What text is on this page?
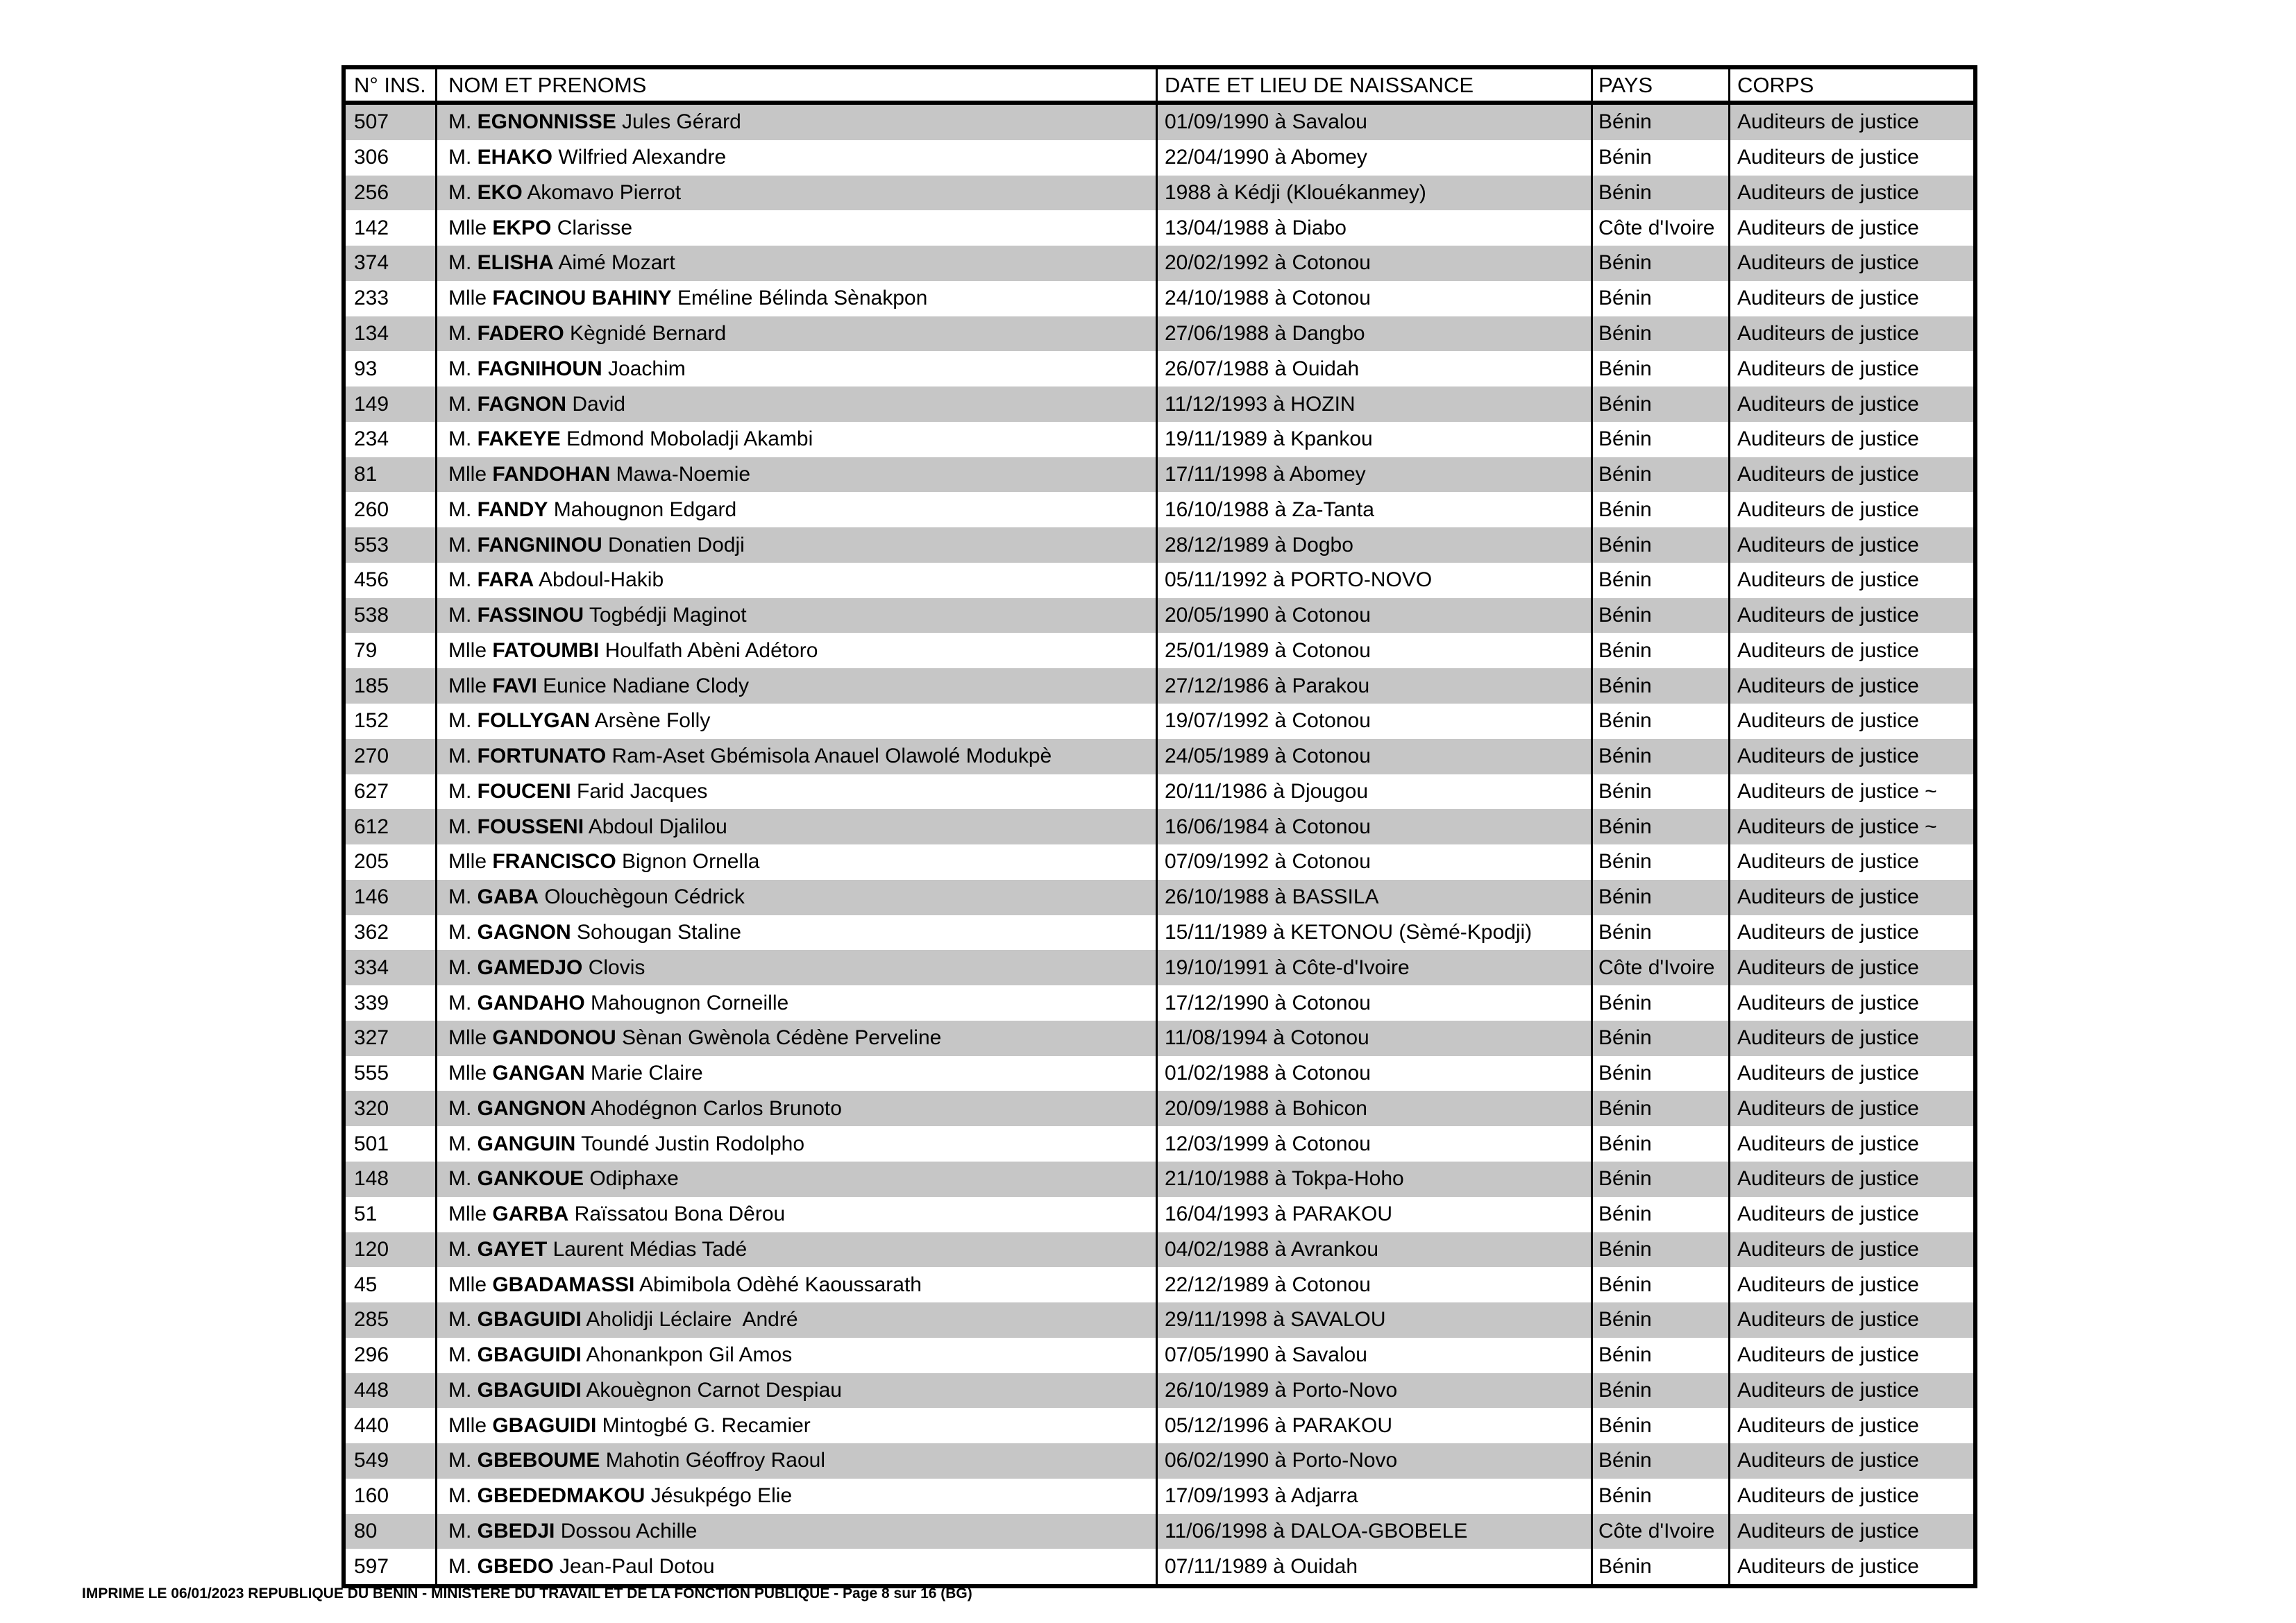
N° INS.	NOM ET PRENOMS	DATE ET LIEU DE NAISSANCE	PAYS	CORPS
507	M. EGNONNISSE Jules Gérard	01/09/1990 à Savalou	Bénin	Auditeurs de justice
306	M. EHAKO Wilfried Alexandre	22/04/1990 à Abomey	Bénin	Auditeurs de justice
256	M. EKO Akomavo Pierrot	1988 à Kédji (Klouékanmey)	Bénin	Auditeurs de justice
142	Mlle EKPO Clarisse	13/04/1988 à Diabo	Côte d'Ivoire	Auditeurs de justice
374	M. ELISHA Aimé Mozart	20/02/1992 à Cotonou	Bénin	Auditeurs de justice
233	Mlle FACINOU BAHINY Eméline Bélinda Sènakpon	24/10/1988 à Cotonou	Bénin	Auditeurs de justice
134	M. FADERO Kègnidé Bernard	27/06/1988 à Dangbo	Bénin	Auditeurs de justice
93	M. FAGNIHOUN Joachim	26/07/1988 à Ouidah	Bénin	Auditeurs de justice
149	M. FAGNON David	11/12/1993 à HOZIN	Bénin	Auditeurs de justice
234	M. FAKEYE Edmond Moboladji Akambi	19/11/1989 à Kpankou	Bénin	Auditeurs de justice
81	Mlle FANDOHAN Mawa-Noemie	17/11/1998 à Abomey	Bénin	Auditeurs de justice
260	M. FANDY Mahougnon Edgard	16/10/1988 à Za-Tanta	Bénin	Auditeurs de justice
553	M. FANGNINOU Donatien Dodji	28/12/1989 à Dogbo	Bénin	Auditeurs de justice
456	M. FARA Abdoul-Hakib	05/11/1992 à PORTO-NOVO	Bénin	Auditeurs de justice
538	M. FASSINOU Togbédji Maginot	20/05/1990 à Cotonou	Bénin	Auditeurs de justice
79	Mlle FATOUMBI Houlfath Abèni Adétoro	25/01/1989 à Cotonou	Bénin	Auditeurs de justice
185	Mlle FAVI Eunice Nadiane Clody	27/12/1986 à Parakou	Bénin	Auditeurs de justice
152	M. FOLLYGAN Arsène Folly	19/07/1992 à Cotonou	Bénin	Auditeurs de justice
270	M. FORTUNATO Ram-Aset Gbémisola Anauel Olawolé Modukpè	24/05/1989 à Cotonou	Bénin	Auditeurs de justice
627	M. FOUCENI Farid Jacques	20/11/1986 à Djougou	Bénin	Auditeurs de justice ~
612	M. FOUSSENI Abdoul Djalilou	16/06/1984 à Cotonou	Bénin	Auditeurs de justice ~
205	Mlle FRANCISCO Bignon Ornella	07/09/1992 à Cotonou	Bénin	Auditeurs de justice
146	M. GABA Olouchègoun Cédrick	26/10/1988 à BASSILA	Bénin	Auditeurs de justice
362	M. GAGNON Sohougan Staline	15/11/1989 à KETONOU (Sèmé-Kpodji)	Bénin	Auditeurs de justice
334	M. GAMEDJO Clovis	19/10/1991 à Côte-d'Ivoire	Côte d'Ivoire	Auditeurs de justice
339	M. GANDAHO Mahougnon Corneille	17/12/1990 à Cotonou	Bénin	Auditeurs de justice
327	Mlle GANDONOU Sènan Gwènola Cédène Perveline	11/08/1994 à Cotonou	Bénin	Auditeurs de justice
555	Mlle GANGAN Marie Claire	01/02/1988 à Cotonou	Bénin	Auditeurs de justice
320	M. GANGNON Ahodégnon Carlos Brunoto	20/09/1988 à Bohicon	Bénin	Auditeurs de justice
501	M. GANGUIN Toundé Justin Rodolpho	12/03/1999 à Cotonou	Bénin	Auditeurs de justice
148	M. GANKOUE Odiphaxe	21/10/1988 à Tokpa-Hoho	Bénin	Auditeurs de justice
51	Mlle GARBA Raïssatou Bona Dêrou	16/04/1993 à PARAKOU	Bénin	Auditeurs de justice
120	M. GAYET Laurent Médias Tadé	04/02/1988 à Avrankou	Bénin	Auditeurs de justice
45	Mlle GBADAMASSI Abimibola Odèhé Kaoussarath	22/12/1989 à Cotonou	Bénin	Auditeurs de justice
285	M. GBAGUIDI Aholidji Léclaire  André	29/11/1998 à SAVALOU	Bénin	Auditeurs de justice
296	M. GBAGUIDI Ahonankpon Gil Amos	07/05/1990 à Savalou	Bénin	Auditeurs de justice
448	M. GBAGUIDI Akouègnon Carnot Despiau	26/10/1989 à Porto-Novo	Bénin	Auditeurs de justice
440	Mlle GBAGUIDI Mintogbé G. Recamier	05/12/1996 à PARAKOU	Bénin	Auditeurs de justice
549	M. GBEBOUME Mahotin Géoffroy Raoul	06/02/1990 à Porto-Novo	Bénin	Auditeurs de justice
160	M. GBEDEDMAKOU Jésukpégo Elie	17/09/1993 à Adjarra	Bénin	Auditeurs de justice
80	M. GBEDJI Dossou Achille	11/06/1998 à DALOA-GBOBELE	Côte d'Ivoire	Auditeurs de justice
597	M. GBEDO Jean-Paul Dotou	07/11/1989 à Ouidah	Bénin	Auditeurs de justice
IMPRIME LE 06/01/2023 REPUBLIQUE DU BENIN - MINISTERE DU TRAVAIL ET DE LA FONCTION PUBLIQUE - Page 8 sur 16 (BG)
